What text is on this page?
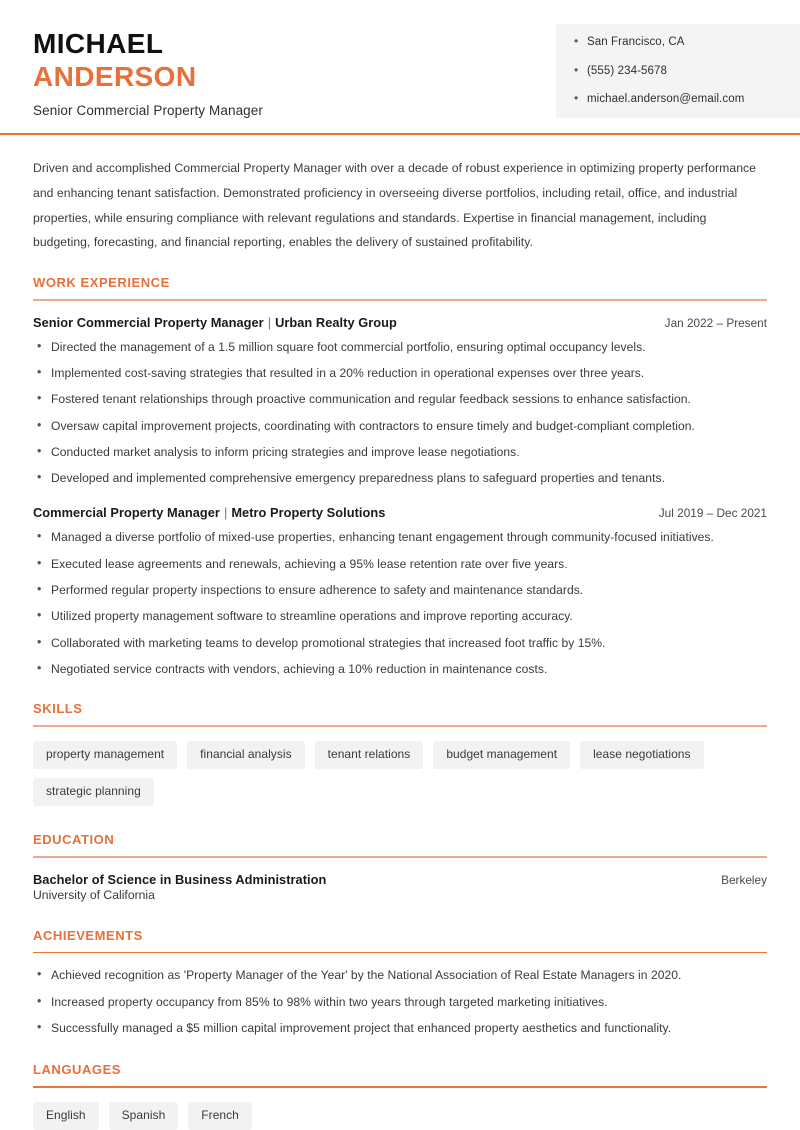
MICHAEL
ANDERSON
Senior Commercial Property Manager
• San Francisco, CA
• (555) 234-5678
• michael.anderson@email.com

Driven and accomplished Commercial Property Manager with over a decade of robust experience in optimizing property performance and enhancing tenant satisfaction. Demonstrated proficiency in overseeing diverse portfolios, including retail, office, and industrial properties, while ensuring compliance with relevant regulations and standards. Expertise in financial management, including budgeting, forecasting, and financial reporting, enables the delivery of sustained profitability.

WORK EXPERIENCE
Senior Commercial Property Manager | Urban Realty Group	Jan 2022 – Present
• Directed the management of a 1.5 million square foot commercial portfolio, ensuring optimal occupancy levels.
• Implemented cost-saving strategies that resulted in a 20% reduction in operational expenses over three years.
• Fostered tenant relationships through proactive communication and regular feedback sessions to enhance satisfaction.
• Oversaw capital improvement projects, coordinating with contractors to ensure timely and budget-compliant completion.
• Conducted market analysis to inform pricing strategies and improve lease negotiations.
• Developed and implemented comprehensive emergency preparedness plans to safeguard properties and tenants.
Commercial Property Manager | Metro Property Solutions	Jul 2019 – Dec 2021
• Managed a diverse portfolio of mixed-use properties, enhancing tenant engagement through community-focused initiatives.
• Executed lease agreements and renewals, achieving a 95% lease retention rate over five years.
• Performed regular property inspections to ensure adherence to safety and maintenance standards.
• Utilized property management software to streamline operations and improve reporting accuracy.
• Collaborated with marketing teams to develop promotional strategies that increased foot traffic by 15%.
• Negotiated service contracts with vendors, achieving a 10% reduction in maintenance costs.
SKILLS
property management	financial analysis	tenant relations	budget management	lease negotiations
strategic planning
EDUCATION
Bachelor of Science in Business Administration	Berkeley
University of California
ACHIEVEMENTS
• Achieved recognition as 'Property Manager of the Year' by the National Association of Real Estate Managers in 2020.
• Increased property occupancy from 85% to 98% within two years through targeted marketing initiatives.
• Successfully managed a $5 million capital improvement project that enhanced property aesthetics and functionality.
LANGUAGES
English	Spanish	French
